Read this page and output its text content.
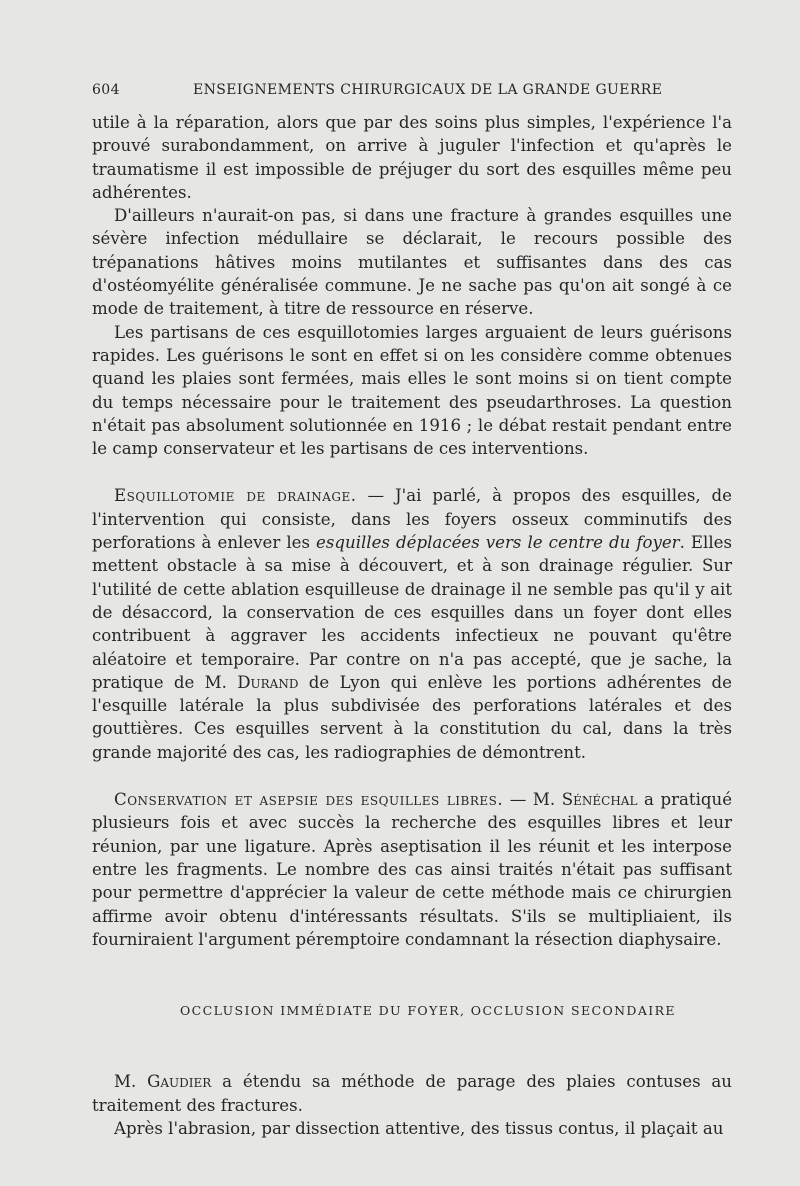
604	ENSEIGNEMENTS CHIRURGICAUX DE LA GRANDE GUERRE

utile à la réparation, alors que par des soins plus simples, l'expérience l'a prouvé surabondamment, on arrive à juguler l'infection et qu'après le traumatisme il est impossible de préjuger du sort des esquilles même peu adhérentes.

D'ailleurs n'aurait-on pas, si dans une fracture à grandes esquilles une sévère infection médullaire se déclarait, le recours possible des trépanations hâtives moins mutilantes et suffisantes dans des cas d'ostéomyélite généralisée commune. Je ne sache pas qu'on ait songé à ce mode de traitement, à titre de ressource en réserve.

Les partisans de ces esquillotomies larges arguaient de leurs guérisons rapides. Les guérisons le sont en effet si on les considère comme obtenues quand les plaies sont fermées, mais elles le sont moins si on tient compte du temps nécessaire pour le traitement des pseudarthroses. La question n'était pas absolument solutionnée en 1916 ; le débat restait pendant entre le camp conservateur et les partisans de ces interventions.

Esquillotomie de drainage. — J'ai parlé, à propos des esquilles, de l'intervention qui consiste, dans les foyers osseux comminutifs des perforations à enlever les esquilles déplacées vers le centre du foyer. Elles mettent obstacle à sa mise à découvert, et à son drainage régulier. Sur l'utilité de cette ablation esquilleuse de drainage il ne semble pas qu'il y ait de désaccord, la conservation de ces esquilles dans un foyer dont elles contribuent à aggraver les accidents infectieux ne pouvant qu'être aléatoire et temporaire. Par contre on n'a pas accepté, que je sache, la pratique de M. Durand de Lyon qui enlève les portions adhérentes de l'esquille latérale la plus subdivisée des perforations latérales et des gouttières. Ces esquilles servent à la constitution du cal, dans la très grande majorité des cas, les radiographies de démontrent.

Conservation et asepsie des esquilles libres. — M. Sénéchal a pratiqué plusieurs fois et avec succès la recherche des esquilles libres et leur réunion, par une ligature. Après aseptisation il les réunit et les interpose entre les fragments. Le nombre des cas ainsi traités n'était pas suffisant pour permettre d'apprécier la valeur de cette méthode mais ce chirurgien affirme avoir obtenu d'intéressants résultats. S'ils se multipliaient, ils fourniraient l'argument péremptoire condamnant la résection diaphysaire.

OCCLUSION IMMÉDIATE DU FOYER, OCCLUSION SECONDAIRE

M. Gaudier a étendu sa méthode de parage des plaies contuses au traitement des fractures.

Après l'abrasion, par dissection attentive, des tissus contus, il plaçait au
